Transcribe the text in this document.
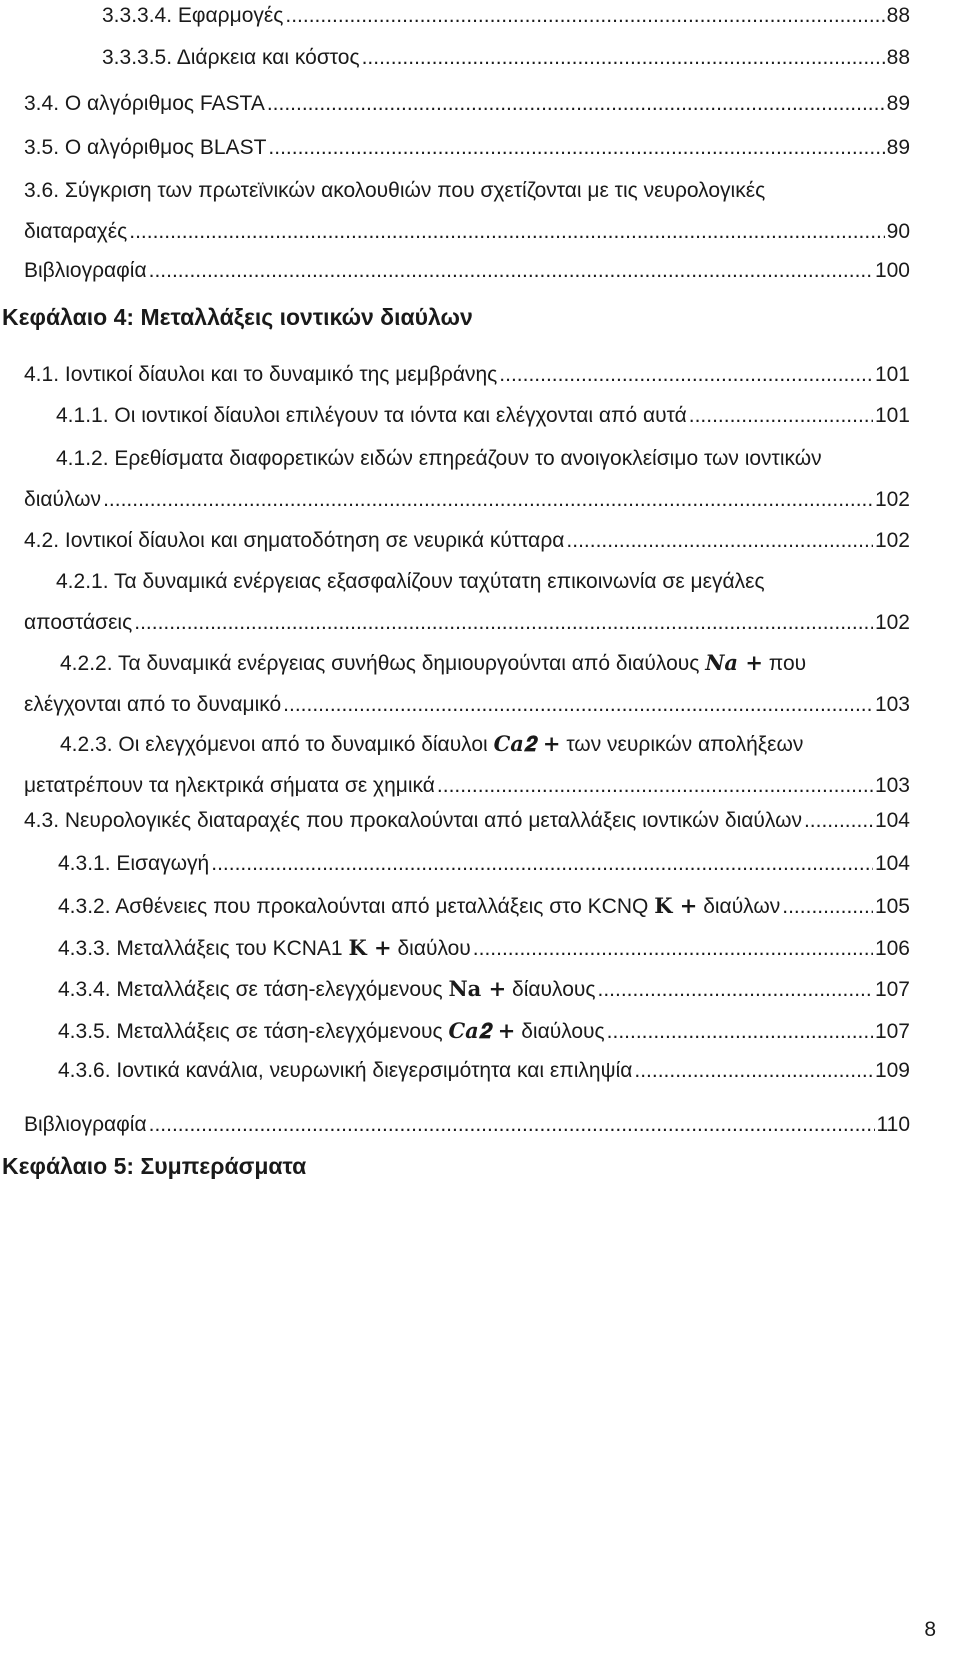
3.3.3.4. Εφαρμογές .....	88
3.3.3.5. Διάρκεια και κόστος .....	88
3.4. Ο αλγόριθμος FASTA .....	89
3.5. Ο αλγόριθμος BLAST .....	89
3.6. Σύγκριση των πρωτεϊνικών ακολουθιών που σχετίζονται με τις νευρολογικές
διαταραχές .....	90
Βιβλιογραφία .....	100
Κεφάλαιο 4: Μεταλλάξεις ιοντικών διαύλων
4.1. Ιοντικοί δίαυλοι και το δυναμικό της μεμβράνης .....	101
4.1.1. Οι ιοντικοί δίαυλοι επιλέγουν τα ιόντα και ελέγχονται από αυτά .....	101
4.1.2. Ερεθίσματα διαφορετικών ειδών επηρεάζουν το ανοιγοκλείσιμο των ιοντικών
διαύλων .....	102
4.2. Ιοντικοί δίαυλοι και σηματοδότηση σε νευρικά κύτταρα .....	102
4.2.1. Τα δυναμικά ενέργειας εξασφαλίζουν ταχύτατη επικοινωνία σε μεγάλες
αποστάσεις .....	102
4.2.2. Τα δυναμικά ενέργειας συνήθως δημιουργούνται από διαύλους 𝑵𝒂 + που
ελέγχονται από το δυναμικό .....	103
4.2.3. Οι ελεγχόμενοι από το δυναμικό δίαυλοι 𝑪𝒂𝟐 + των νευρικών απολήξεων
μετατρέπουν τα ηλεκτρικά σήματα σε χημικά .....	103
4.3. Νευρολογικές διαταραχές που προκαλούνται από μεταλλάξεις ιοντικών διαύλων .....	104
4.3.1. Εισαγωγή .....	104
4.3.2. Ασθένειες που προκαλούνται από μεταλλάξεις στο KCNQ 𝐊 + διαύλων .....	105
4.3.3. Μεταλλάξεις του KCNA1 𝐊 + διαύλου .....	106
4.3.4. Μεταλλάξεις σε τάση-ελεγχόμενους 𝐍𝐚 + δίαυλους .....	107
4.3.5. Μεταλλάξεις σε τάση-ελεγχόμενους 𝑪𝒂𝟐 + διαύλους .....	107
4.3.6. Ιοντικά κανάλια, νευρωνική διεγερσιμότητα και επιληψία .....	109
Βιβλιογραφία .....	110
Κεφάλαιο 5: Συμπεράσματα
8
